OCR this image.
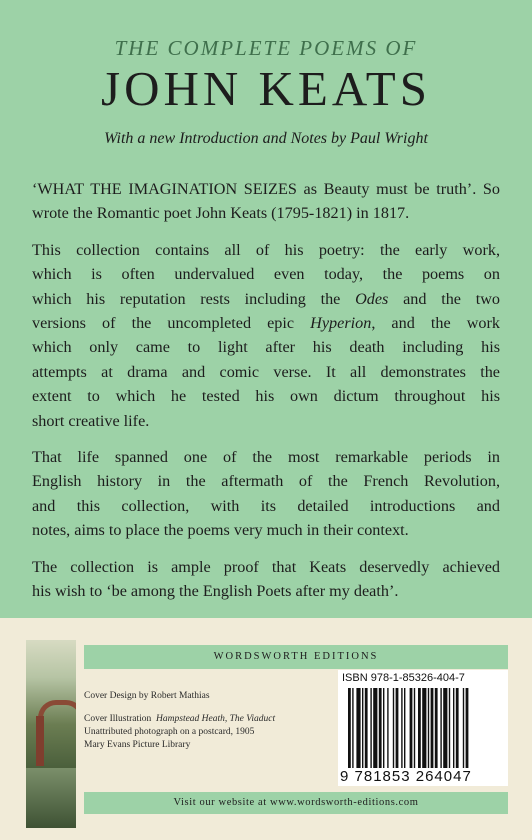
THE COMPLETE POEMS OF
JOHN KEATS
With a new Introduction and Notes by Paul Wright

‘WHAT THE IMAGINATION SEIZES as Beauty must be truth’. So
wrote the Romantic poet John Keats (1795-1821) in 1817.

This collection contains all of his poetry: the early work,
which is often undervalued even today, the poems on
which his reputation rests including the Odes and the two
versions of the uncompleted epic Hyperion, and the work
which only came to light after his death including his
attempts at drama and comic verse. It all demonstrates the
extent to which he tested his own dictum throughout his
short creative life.

That life spanned one of the most remarkable periods in
English history in the aftermath of the French Revolution,
and this collection, with its detailed introductions and
notes, aims to place the poems very much in their context.

The collection is ample proof that Keats deservedly achieved
his wish to ‘be among the English Poets after my death’.

WORDSWORTH EDITIONS
Cover Design by Robert Mathias
Cover Illustration Hampstead Heath, The Viaduct
Unattributed photograph on a postcard, 1905
Mary Evans Picture Library
ISBN 978-1-85326-404-7
9 781853 264047
Visit our website at www.wordsworth-editions.com
